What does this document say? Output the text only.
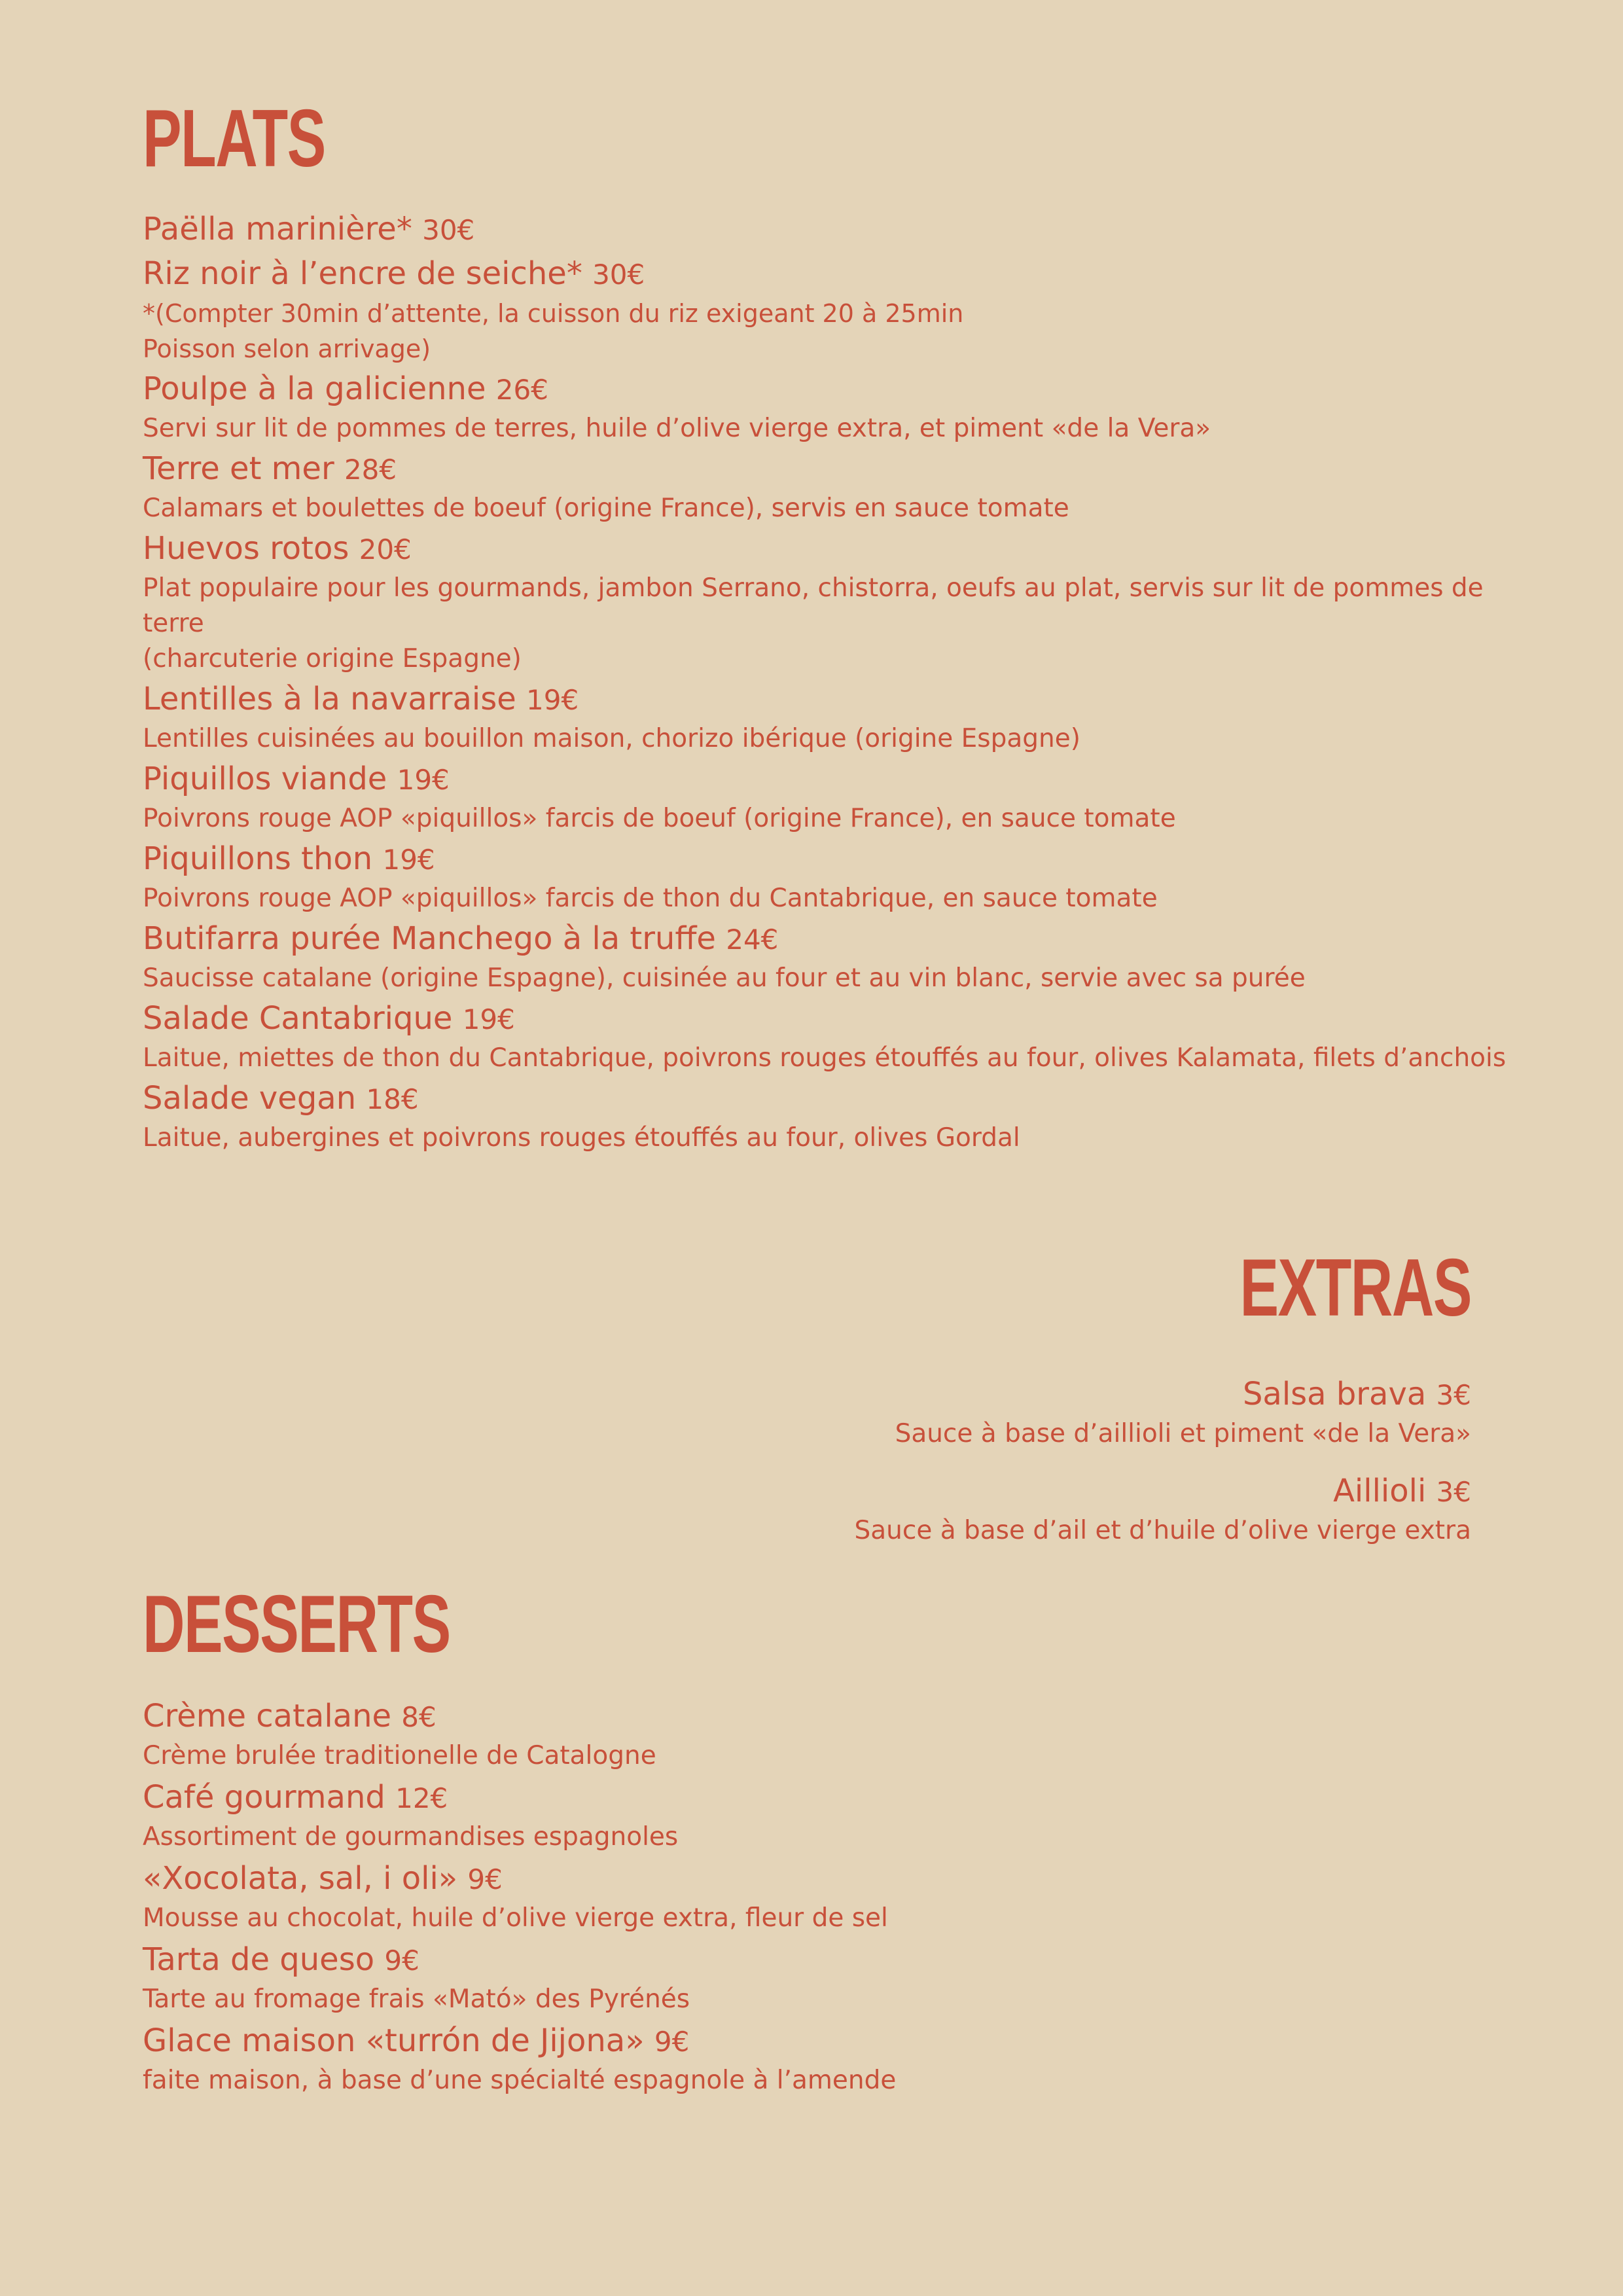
PLATS
Paëlla marinière* 30€
Riz noir à l’encre de seiche* 30€
*(Compter 30min d’attente, la cuisson du riz exigeant 20 à 25min
Poisson selon arrivage)
Poulpe à la galicienne 26€
Servi sur lit de pommes de terres, huile d’olive vierge extra, et piment «de la Vera»
Terre et mer 28€
Calamars et boulettes de boeuf (origine France), servis en sauce tomate
Huevos rotos 20€
Plat populaire pour les gourmands, jambon Serrano, chistorra, oeufs au plat, servis sur lit de pommes de terre
(charcuterie origine Espagne)
Lentilles à la navarraise 19€
Lentilles cuisinées au bouillon maison, chorizo ibérique (origine Espagne)
Piquillos viande 19€
Poivrons rouge AOP «piquillos» farcis de boeuf (origine France), en sauce tomate
Piquillons thon 19€
Poivrons rouge AOP «piquillos» farcis de thon du Cantabrique, en sauce tomate
Butifarra purée Manchego à la truffe 24€
Saucisse catalane (origine Espagne), cuisinée au four et au vin blanc, servie avec sa purée
Salade Cantabrique 19€
Laitue, miettes de thon du Cantabrique, poivrons rouges étouffés au four, olives Kalamata, filets d’anchois
Salade vegan 18€
Laitue, aubergines et poivrons rouges étouffés au four, olives Gordal
EXTRAS
Salsa brava 3€
Sauce à base d’aillioli et piment «de la Vera»
Aillioli 3€
Sauce à base d’ail et d’huile d’olive vierge extra
DESSERTS
Crème catalane 8€
Crème brulée traditionelle de Catalogne
Café gourmand 12€
Assortiment de gourmandises espagnoles
«Xocolata, sal, i oli» 9€
Mousse au chocolat, huile d’olive vierge extra, fleur de sel
Tarta de queso 9€
Tarte au fromage frais «Mató» des Pyrénés
Glace maison «turrón de Jijona» 9€
faite maison, à base d’une spécialté espagnole à l’amende
